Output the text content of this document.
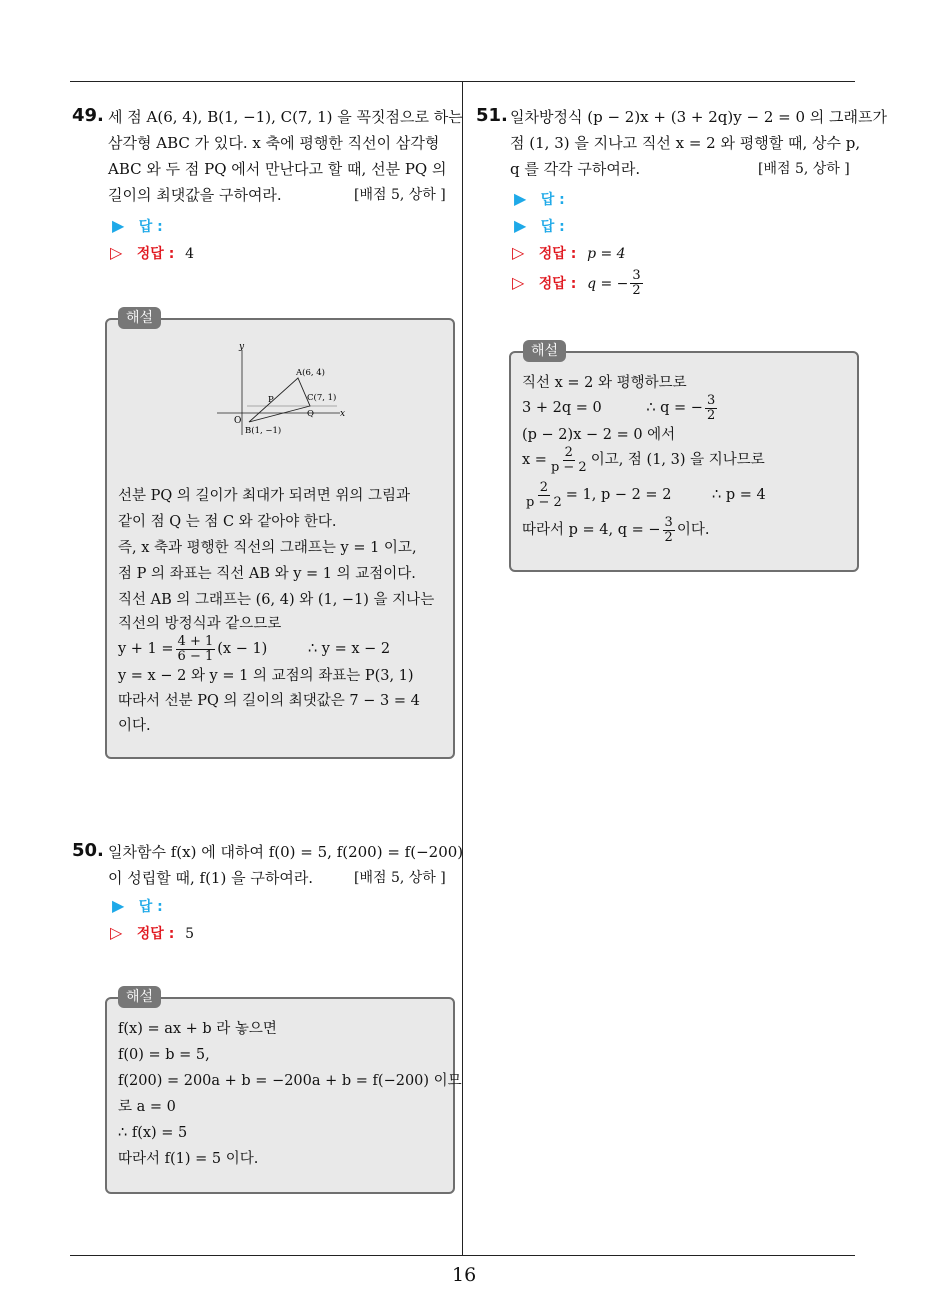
16
49. 세 점 A(6, 4), B(1, −1), C(7, 1) 을 꼭짓점으로 하는
삼각형 ABC 가 있다. x 축에 평행한 직선이 삼각형
ABC 와 두 점 PQ 에서 만난다고 할 때, 선분 PQ 의
길이의 최댓값을 구하여라.	[배점 5, 상하 ]
▶ 답 :
▷ 정답 : 4
y
x
O
A(6, 4)
B(1, −1)
C(7, 1)
P
Q
해설
선분 PQ 의 길이가 최대가 되려면 위의 그림과
같이 점 Q 는 점 C 와 같아야 한다.
즉, x 축과 평행한 직선의 그래프는 y = 1 이고,
점 P 의 좌표는 직선 AB 와 y = 1 의 교점이다.
직선 AB 의 그래프는 (6, 4) 와 (1, −1) 을 지나는
직선의 방정식과 같으므로
$y + 1 = \frac{4 + 1}{6 - 1} (x - 1)$	∴ y = x − 2
y = x − 2 와 y = 1 의 교점의 좌표는 P(3, 1)
따라서 선분 PQ 의 길이의 최댓값은 7 − 3 = 4
이다.
50. 일차함수 f(x) 에 대하여 f(0) = 5, f(200) = f(−200)
이 성립할 때, f(1) 을 구하여라.	[배점 5, 상하 ]
▶ 답 :
▷ 정답 : 5
해설
f(x) = ax + b 라 놓으면
f(0) = b = 5,
f(200) = 200a + b = −200a + b = f(−200) 이므
로 a = 0
∴ f(x) = 5
따라서 f(1) = 5 이다.
51. 일차방정식 (p − 2)x + (3 + 2q)y − 2 = 0 의 그래프가
점 (1, 3) 을 지나고 직선 x = 2 와 평행할 때, 상수 p,
q 를 각각 구하여라.	[배점 5, 상하 ]
▶ 답 :
▶ 답 :
▷ 정답 : p = 4
▷ 정답 : q = − $\frac{3}{2}$
해설
직선 x = 2 와 평행하므로
3 + 2q = 0	∴ q = − $\frac{3}{2}$
(p − 2)x − 2 = 0 에서
$x = \frac{2}{p - 2}$ 이고, 점 (1, 3) 을 지나므로
$\frac{2}{p - 2} = 1$, p − 2 = 2	∴ p = 4
따라서 p = 4, q = − $\frac{3}{2}$ 이다.
